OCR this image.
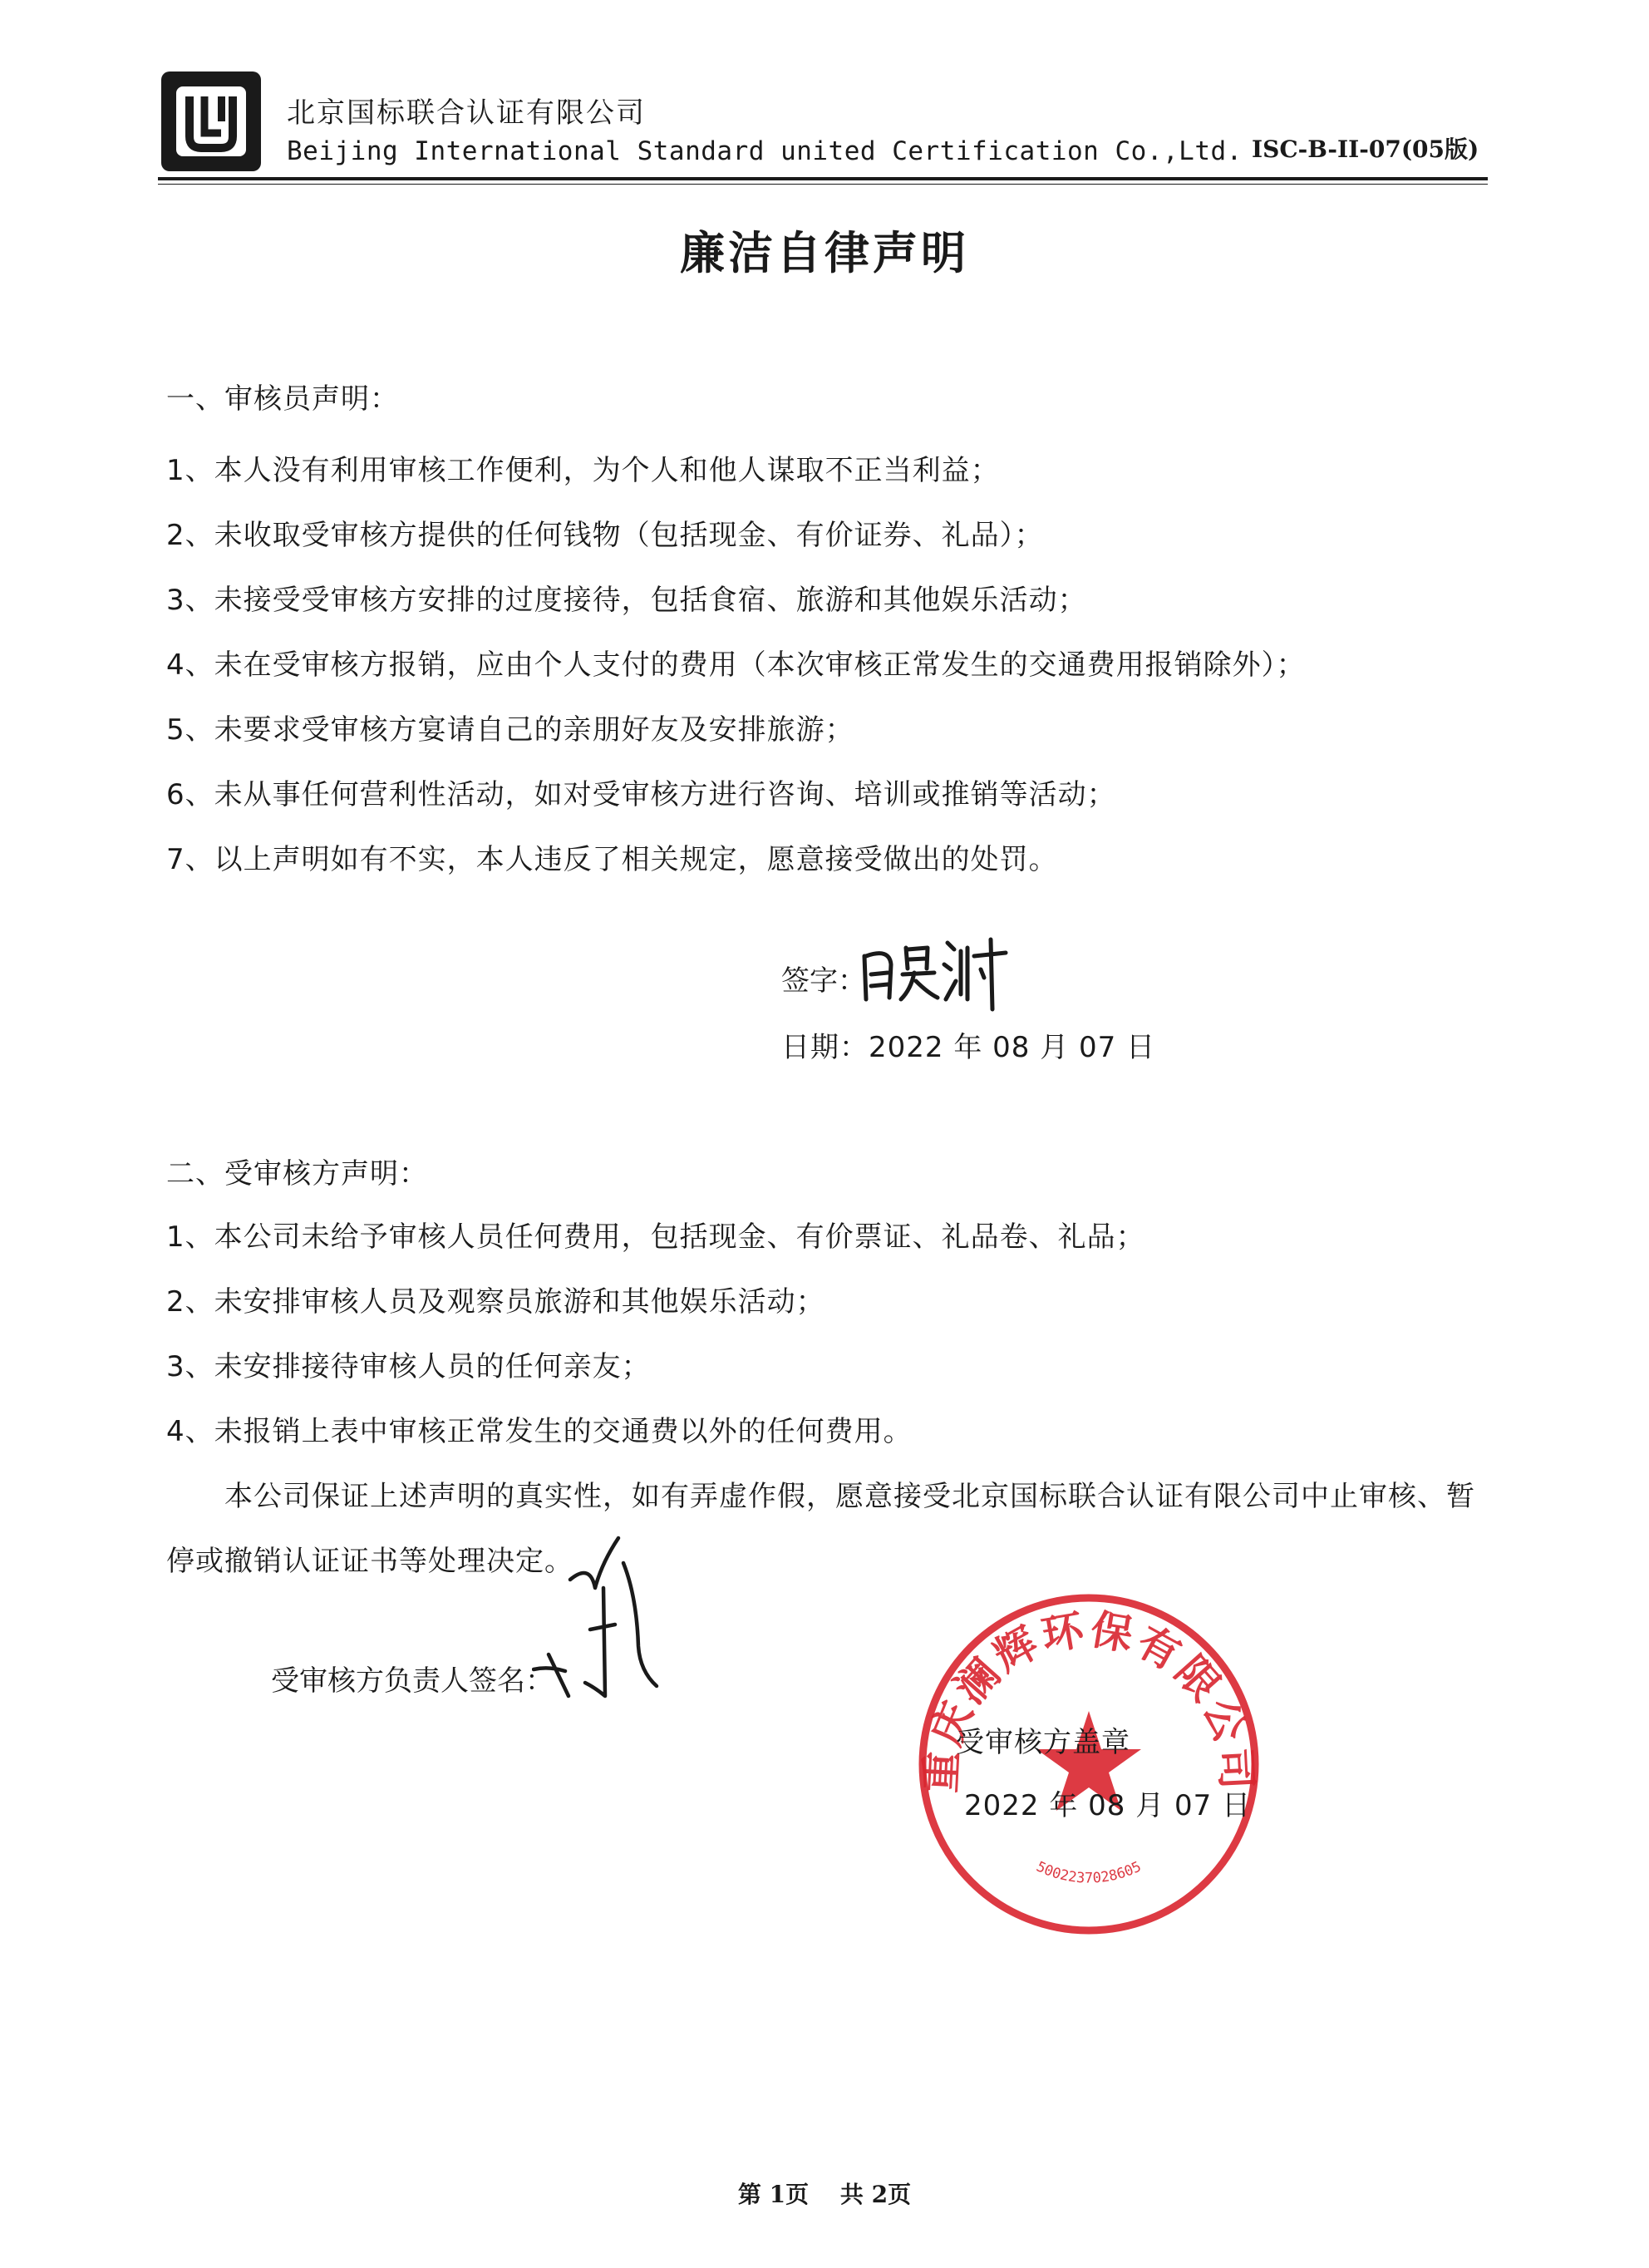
北京国标联合认证有限公司
Beijing International Standard united Certification Co.,Ltd. ISC-B-II-07(05版)
廉洁自律声明
一、审核员声明：
1、本人没有利用审核工作便利，为个人和他人谋取不正当利益；
2、未收取受审核方提供的任何钱物（包括现金、有价证券、礼品）；
3、未接受受审核方安排的过度接待，包括食宿、旅游和其他娱乐活动；
4、未在受审核方报销，应由个人支付的费用（本次审核正常发生的交通费用报销除外）；
5、未要求受审核方宴请自己的亲朋好友及安排旅游；
6、未从事任何营利性活动，如对受审核方进行咨询、培训或推销等活动；
7、以上声明如有不实，本人违反了相关规定，愿意接受做出的处罚。
签字：
日期：2022 年 08 月 07 日
二、受审核方声明：
1、本公司未给予审核人员任何费用，包括现金、有价票证、礼品卷、礼品；
2、未安排审核人员及观察员旅游和其他娱乐活动；
3、未安排接待审核人员的任何亲友；
4、未报销上表中审核正常发生的交通费以外的任何费用。
本公司保证上述声明的真实性，如有弄虚作假，愿意接受北京国标联合认证有限公司中止审核、暂
停或撤销认证证书等处理决定。
受审核方负责人签名：
重庆澜辉环保有限公司
5002237028605
受审核方盖章
2022 年 08 月 07 日
第 1页 共 2页
